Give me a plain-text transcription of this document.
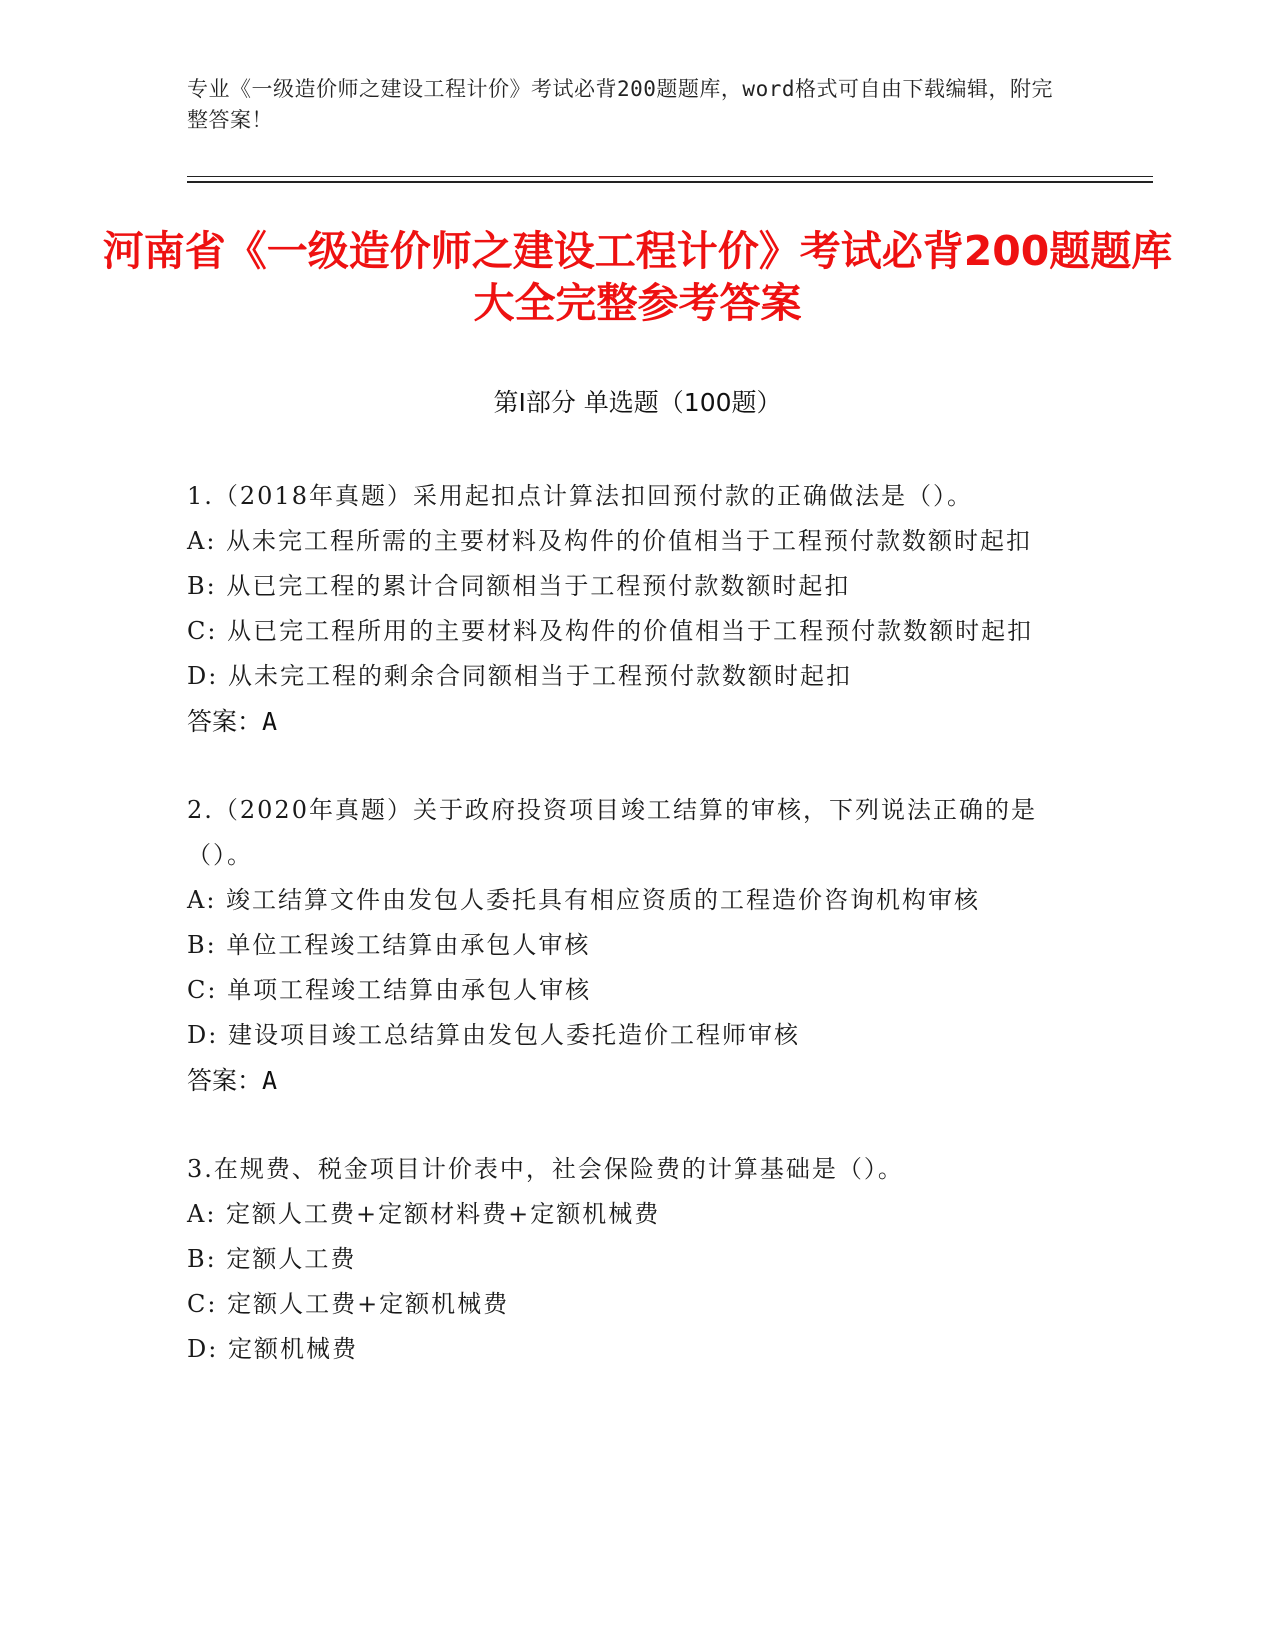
专业《一级造价师之建设工程计价》考试必背200题题库，word格式可自由下载编辑，附完整答案！
河南省《一级造价师之建设工程计价》考试必背200题题库大全完整参考答案
第I部分 单选题（100题）
1.（2018年真题）采用起扣点计算法扣回预付款的正确做法是（）。
A: 从未完工程所需的主要材料及构件的价值相当于工程预付款数额时起扣
B: 从已完工程的累计合同额相当于工程预付款数额时起扣
C: 从已完工程所用的主要材料及构件的价值相当于工程预付款数额时起扣
D: 从未完工程的剩余合同额相当于工程预付款数额时起扣
答案：A
2.（2020年真题）关于政府投资项目竣工结算的审核，下列说法正确的是（）。
A: 竣工结算文件由发包人委托具有相应资质的工程造价咨询机构审核
B: 单位工程竣工结算由承包人审核
C: 单项工程竣工结算由承包人审核
D: 建设项目竣工总结算由发包人委托造价工程师审核
答案：A
3.在规费、税金项目计价表中，社会保险费的计算基础是（）。
A: 定额人工费+定额材料费+定额机械费
B: 定额人工费
C: 定额人工费+定额机械费
D: 定额机械费
